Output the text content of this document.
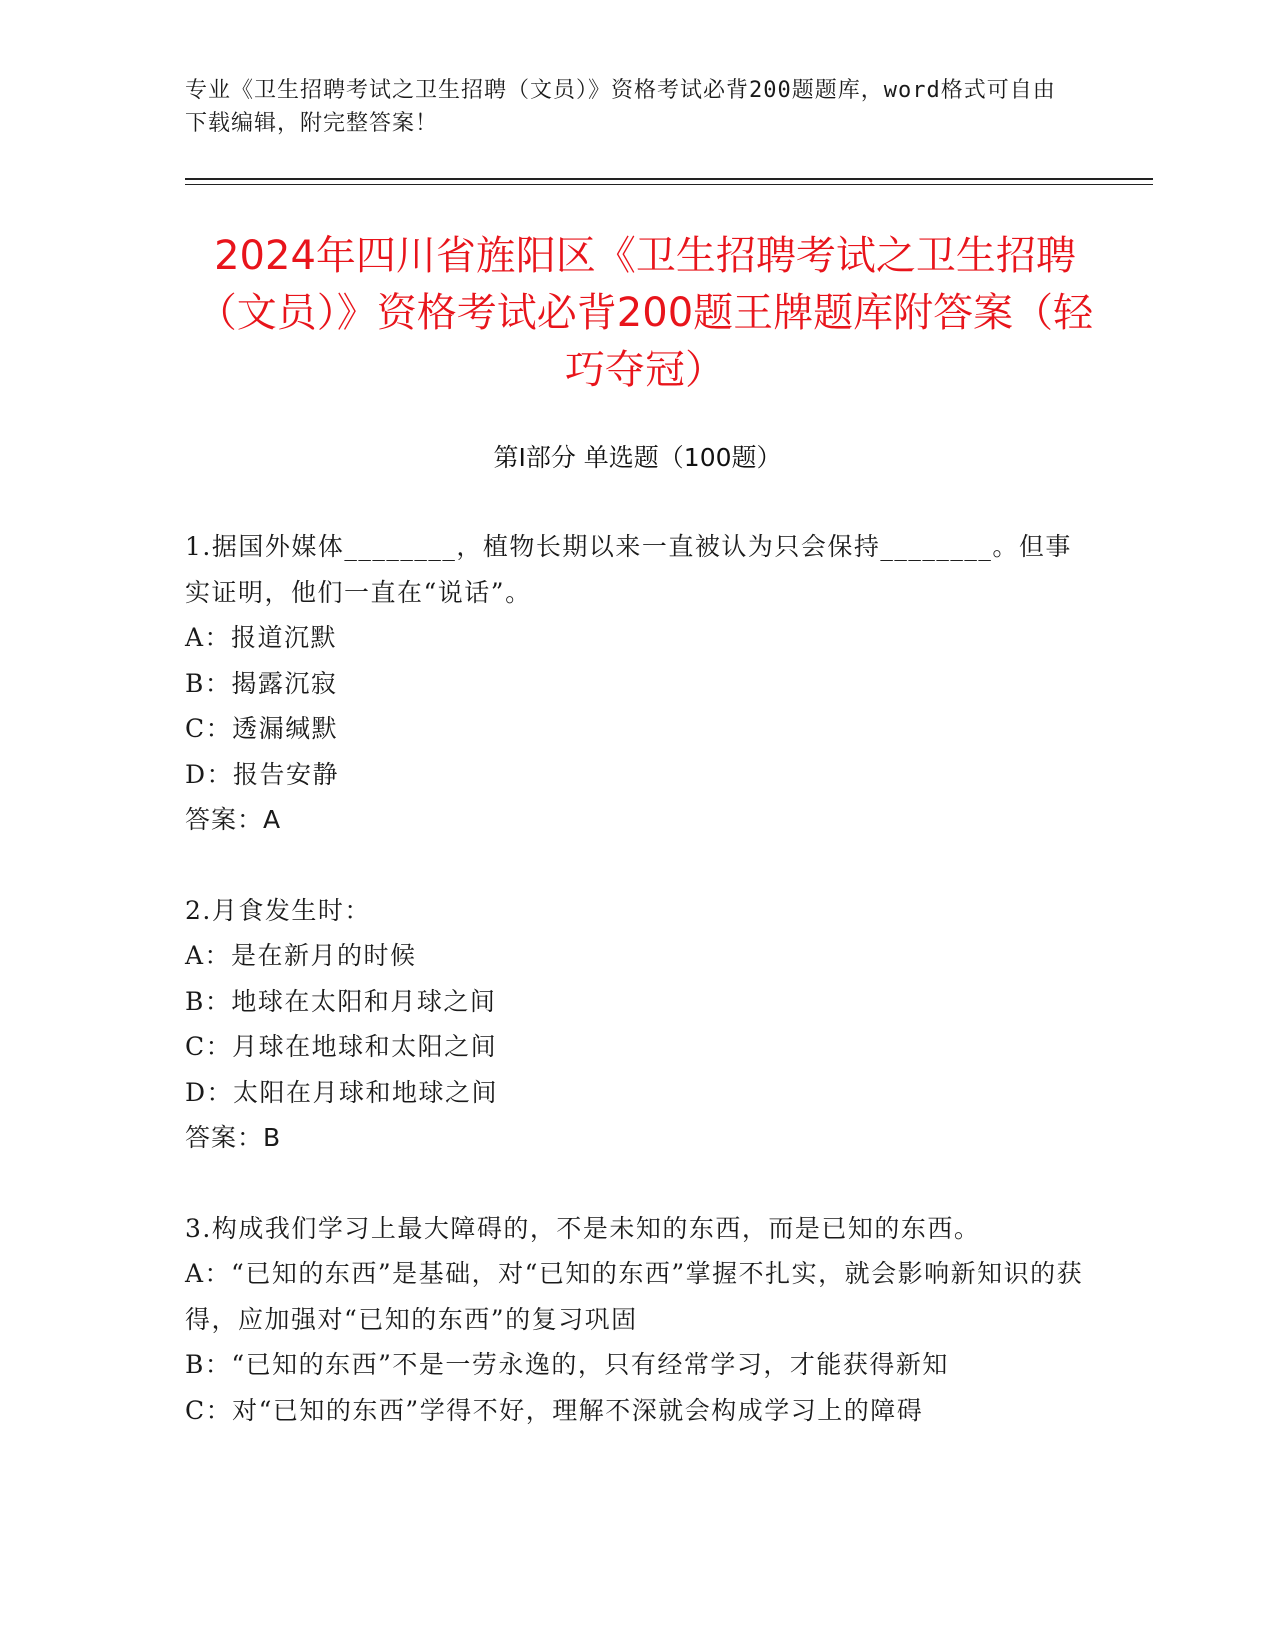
专业《卫生招聘考试之卫生招聘（文员）》资格考试必背200题题库，word格式可自由下载编辑，附完整答案！
2024年四川省旌阳区《卫生招聘考试之卫生招聘（文员）》资格考试必背200题王牌题库附答案（轻巧夺冠）
第I部分 单选题（100题）

1.据国外媒体________，植物长期以来一直被认为只会保持________。但事实证明，他们一直在“说话”。

A：报道沉默

B：揭露沉寂

C：透漏缄默

D：报告安静

答案：A

2.月食发生时：

A：是在新月的时候

B：地球在太阳和月球之间

C：月球在地球和太阳之间

D：太阳在月球和地球之间

答案：B

3.构成我们学习上最大障碍的，不是未知的东西，而是已知的东西。

A：“已知的东西”是基础，对“已知的东西”掌握不扎实，就会影响新知识的获得，应加强对“已知的东西”的复习巩固

B：“已知的东西”不是一劳永逸的，只有经常学习，才能获得新知

C：对“已知的东西”学得不好，理解不深就会构成学习上的障碍
